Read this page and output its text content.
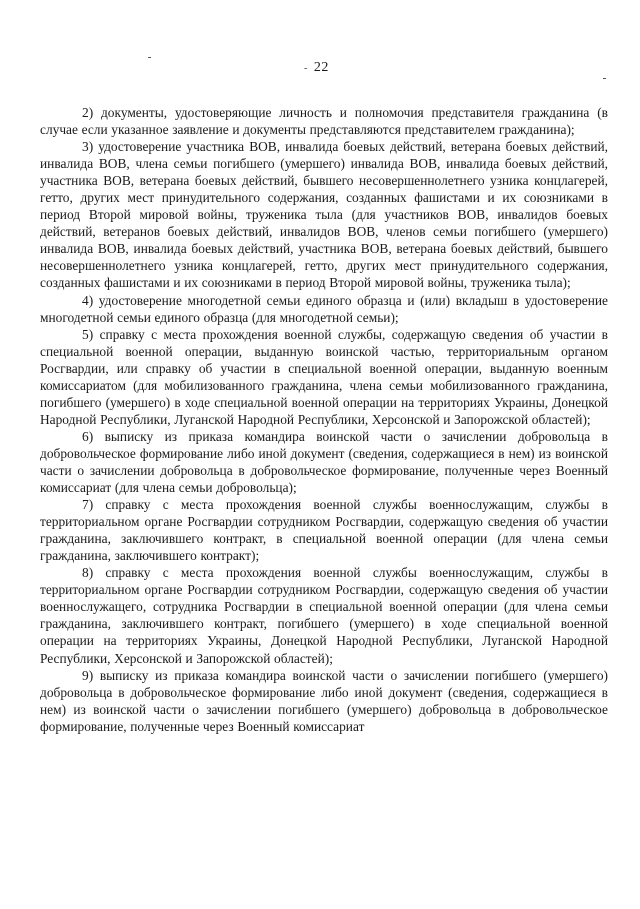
- 22

2) документы, удостоверяющие личность и полномочия представителя гражданина (в случае если указанное заявление и документы представляются представителем гражданина);

3) удостоверение участника ВОВ, инвалида боевых действий, ветерана боевых действий, инвалида ВОВ, члена семьи погибшего (умершего) инвалида ВОВ, инвалида боевых действий, участника ВОВ, ветерана боевых действий, бывшего несовершеннолетнего узника концлагерей, гетто, других мест принудительного содержания, созданных фашистами и их союзниками в период Второй мировой войны, труженика тыла (для участников ВОВ, инвалидов боевых действий, ветеранов боевых действий, инвалидов ВОВ, членов семьи погибшего (умершего) инвалида ВОВ, инвалида боевых действий, участника ВОВ, ветерана боевых действий, бывшего несовершеннолетнего узника концлагерей, гетто, других мест принудительного содержания, созданных фашистами и их союзниками в период Второй мировой войны, труженика тыла);

4) удостоверение многодетной семьи единого образца и (или) вкладыш в удостоверение многодетной семьи единого образца (для многодетной семьи);

5) справку с места прохождения военной службы, содержащую сведения об участии в специальной военной операции, выданную воинской частью, территориальным органом Росгвардии, или справку об участии в специальной военной операции, выданную военным комиссариатом (для мобилизованного гражданина, члена семьи мобилизованного гражданина, погибшего (умершего) в ходе специальной военной операции на территориях Украины, Донецкой Народной Республики, Луганской Народной Республики, Херсонской и Запорожской областей);

6) выписку из приказа командира воинской части о зачислении добровольца в добровольческое формирование либо иной документ (сведения, содержащиеся в нем) из воинской части о зачислении добровольца в добровольческое формирование, полученные через Военный комиссариат (для члена семьи добровольца);

7) справку с места прохождения военной службы военнослужащим, службы в территориальном органе Росгвардии сотрудником Росгвардии, содержащую сведения об участии гражданина, заключившего контракт, в специальной военной операции (для члена семьи гражданина, заключившего контракт);

8) справку с места прохождения военной службы военнослужащим, службы в территориальном органе Росгвардии сотрудником Росгвардии, содержащую сведения об участии военнослужащего, сотрудника Росгвардии в специальной военной операции (для члена семьи гражданина, заключившего контракт, погибшего (умершего) в ходе специальной военной операции на территориях Украины, Донецкой Народной Республики, Луганской Народной Республики, Херсонской и Запорожской областей);

9) выписку из приказа командира воинской части о зачислении погибшего (умершего) добровольца в добровольческое формирование либо иной документ (сведения, содержащиеся в нем) из воинской части о зачислении погибшего (умершего) добровольца в добровольческое формирование, полученные через Военный комиссариат
